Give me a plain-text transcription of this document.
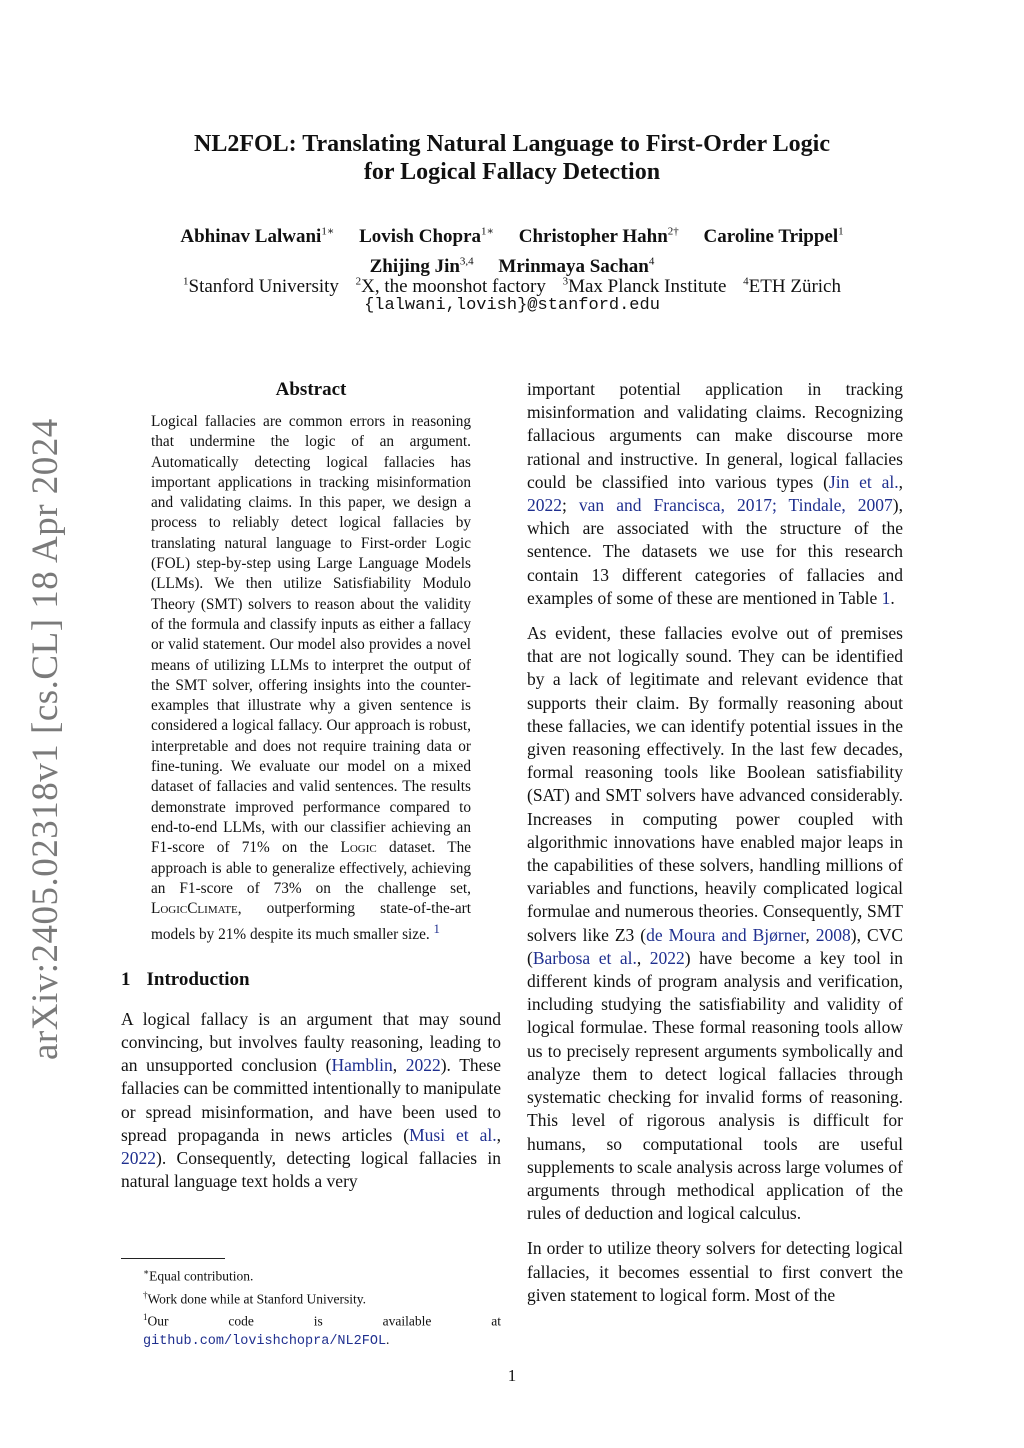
arXiv:2405.02318v1 [cs.CL] 18 Apr 2024
NL2FOL: Translating Natural Language to First-Order Logic
for Logical Fallacy Detection
Abhinav Lalwani$^{1∗}$ Lovish Chopra$^{1∗}$ Christopher Hahn$^{2\dagger}$ Caroline Trippel$^1$
Zhijing Jin$^{3,4}$ Mrinmaya Sachan$^4$
$^1$Stanford University $^2$X, the moonshot factory $^3$Max Planck Institute $^4$ETH Zürich
{lalwani,lovish}@stanford.edu
Abstract

Logical fallacies are common errors in reasoning that undermine the logic of an argument. Automatically detecting logical fallacies has important applications in tracking misinformation and validating claims. In this paper, we design a process to reliably detect logical fallacies by translating natural language to First-order Logic (FOL) step-by-step using Large Language Models (LLMs). We then utilize Satisfiability Modulo Theory (SMT) solvers to reason about the validity of the formula and classify inputs as either a fallacy or valid statement. Our model also provides a novel means of utilizing LLMs to interpret the output of the SMT solver, offering insights into the counter-examples that illustrate why a given sentence is considered a logical fallacy. Our approach is robust, interpretable and does not require training data or fine-tuning. We evaluate our model on a mixed dataset of fallacies and valid sentences. The results demonstrate improved performance compared to end-to-end LLMs, with our classifier achieving an F1-score of 71% on the Logic dataset. The approach is able to generalize effectively, achieving an F1-score of 73% on the challenge set, LogicClimate, outperforming state-of-the-art models by 21% despite its much smaller size. $^1$

1 Introduction

A logical fallacy is an argument that may sound convincing, but involves faulty reasoning, leading to an unsupported conclusion (Hamblin, 2022). These fallacies can be committed intentionally to manipulate or spread misinformation, and have been used to spread propaganda in news articles (Musi et al., 2022). Consequently, detecting logical fallacies in natural language text holds a very

important potential application in tracking misinformation and validating claims. Recognizing fallacious arguments can make discourse more rational and instructive. In general, logical fallacies could be classified into various types (Jin et al., 2022; van and Francisca, 2017; Tindale, 2007), which are associated with the structure of the sentence. The datasets we use for this research contain 13 different categories of fallacies and examples of some of these are mentioned in Table 1.

As evident, these fallacies evolve out of premises that are not logically sound. They can be identified by a lack of legitimate and relevant evidence that supports their claim. By formally reasoning about these fallacies, we can identify potential issues in the given reasoning effectively. In the last few decades, formal reasoning tools like Boolean satisfiability (SAT) and SMT solvers have advanced considerably. Increases in computing power coupled with algorithmic innovations have enabled major leaps in the capabilities of these solvers, handling millions of variables and functions, heavily complicated logical formulae and numerous theories. Consequently, SMT solvers like Z3 (de Moura and Bjørner, 2008), CVC (Barbosa et al., 2022) have become a key tool in different kinds of program analysis and verification, including studying the satisfiability and validity of logical formulae. These formal reasoning tools allow us to precisely represent arguments symbolically and analyze them to detect logical fallacies through systematic checking for invalid forms of reasoning. This level of rigorous analysis is difficult for humans, so computational tools are useful supplements to scale analysis across large volumes of arguments through methodical application of the rules of deduction and logical calculus.

In order to utilize theory solvers for detecting logical fallacies, it becomes essential to first convert the given statement to logical form. Most of the

∗Equal contribution.
†Work done while at Stanford University.
$^1$Our code is available at github.com/lovishchopra/NL2FOL.
1
